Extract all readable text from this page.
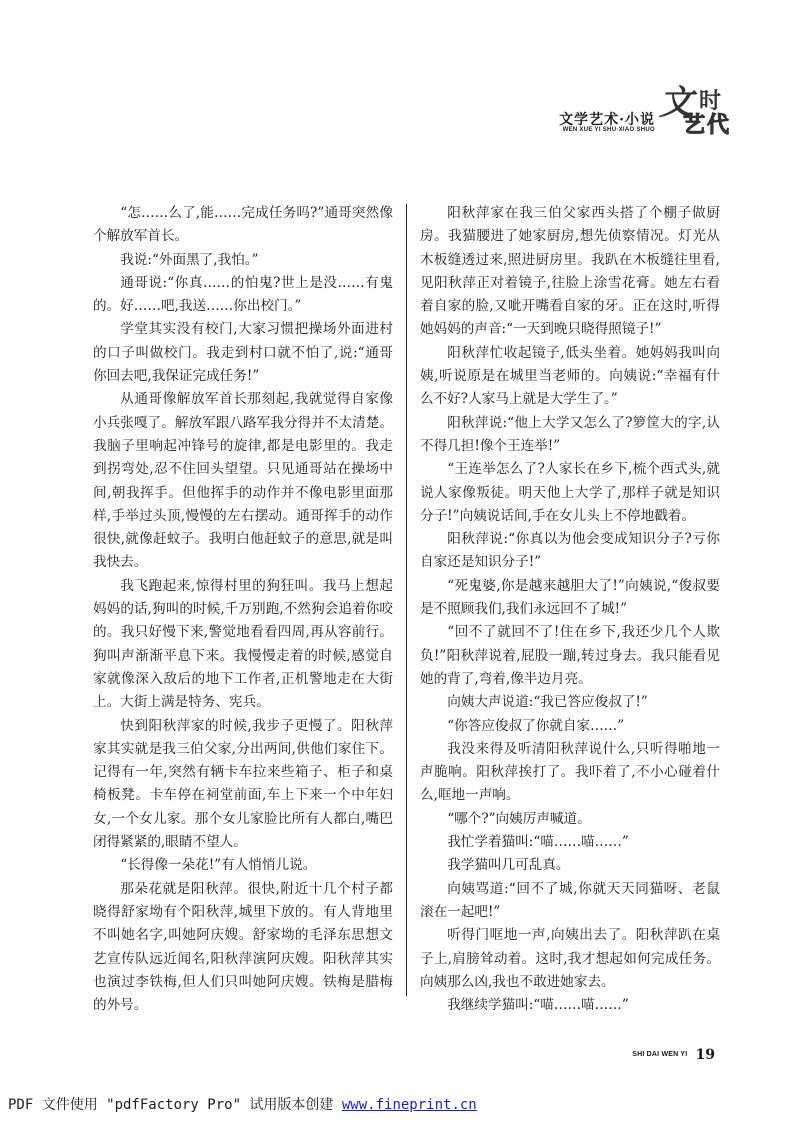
文学艺术·小说
WEN XUE YI SHU·XIAO SHUO
文 时
艺 代

“怎……么了,能……完成任务吗?”通哥突然像个解放军首长。

我说:“外面黑了,我怕。”

通哥说:“你真……的怕鬼?世上是没……有鬼的。好……吧,我送……你出校门。”

学堂其实没有校门,大家习惯把操场外面进村的口子叫做校门。我走到村口就不怕了,说:“通哥你回去吧,我保证完成任务!”

从通哥像解放军首长那刻起,我就觉得自家像小兵张嘎了。解放军跟八路军我分得并不太清楚。我脑子里响起冲锋号的旋律,都是电影里的。我走到拐弯处,忍不住回头望望。只见通哥站在操场中间,朝我挥手。但他挥手的动作并不像电影里面那样,手举过头顶,慢慢的左右摆动。通哥挥手的动作很快,就像赶蚊子。我明白他赶蚊子的意思,就是叫我快去。

我飞跑起来,惊得村里的狗狂叫。我马上想起妈妈的话,狗叫的时候,千万别跑,不然狗会追着你咬的。我只好慢下来,警觉地看看四周,再从容前行。狗叫声渐渐平息下来。我慢慢走着的时候,感觉自家就像深入敌后的地下工作者,正机警地走在大街上。大街上满是特务、宪兵。

快到阳秋萍家的时候,我步子更慢了。阳秋萍家其实就是我三伯父家,分出两间,供他们家住下。记得有一年,突然有辆卡车拉来些箱子、柜子和桌椅板凳。卡车停在祠堂前面,车上下来一个中年妇女,一个女儿家。那个女儿家脸比所有人都白,嘴巴闭得紧紧的,眼睛不望人。

“长得像一朵花!”有人悄悄儿说。

那朵花就是阳秋萍。很快,附近十几个村子都晓得舒家坳有个阳秋萍,城里下放的。有人背地里不叫她名字,叫她阿庆嫂。舒家坳的毛泽东思想文艺宣传队远近闻名,阳秋萍演阿庆嫂。阳秋萍其实也演过李铁梅,但人们只叫她阿庆嫂。铁梅是腊梅的外号。

阳秋萍家在我三伯父家西头搭了个棚子做厨房。我猫腰进了她家厨房,想先侦察情况。灯光从木板缝透过来,照进厨房里。我趴在木板缝往里看,见阳秋萍正对着镜子,往脸上涂雪花膏。她左右看着自家的脸,又呲开嘴看自家的牙。正在这时,听得她妈妈的声音:“一天到晚只晓得照镜子!”

阳秋萍忙收起镜子,低头坐着。她妈妈我叫向姨,听说原是在城里当老师的。向姨说:“幸福有什么不好?人家马上就是大学生了。”

阳秋萍说:“他上大学又怎么了?箩筐大的字,认不得几担!像个王连举!”

“王连举怎么了?人家长在乡下,梳个西式头,就说人家像叛徒。明天他上大学了,那样子就是知识分子!”向姨说话间,手在女儿头上不停地戳着。

阳秋萍说:“你真以为他会变成知识分子?亏你自家还是知识分子!”

“死鬼婆,你是越来越胆大了!”向姨说,“俊叔要是不照顾我们,我们永远回不了城!”

“回不了就回不了!住在乡下,我还少几个人欺负!”阳秋萍说着,屁股一蹦,转过身去。我只能看见她的背了,弯着,像半边月亮。

向姨大声说道:“我已答应俊叔了!”

“你答应俊叔了你就自家……”

我没来得及听清阳秋萍说什么,只听得啪地一声脆响。阳秋萍挨打了。我吓着了,不小心碰着什么,哐地一声响。

“哪个?”向姨厉声喊道。

我忙学着猫叫:“喵……喵……”

我学猫叫几可乱真。

向姨骂道:“回不了城,你就天天同猫呀、老鼠滚在一起吧!”

听得门哐地一声,向姨出去了。阳秋萍趴在桌子上,肩膀耸动着。这时,我才想起如何完成任务。向姨那么凶,我也不敢进她家去。

我继续学猫叫:“喵……喵……”

SHI DAI WEN YI 19
PDF 文件使用 "pdfFactory Pro" 试用版本创建 www.fineprint.cn
